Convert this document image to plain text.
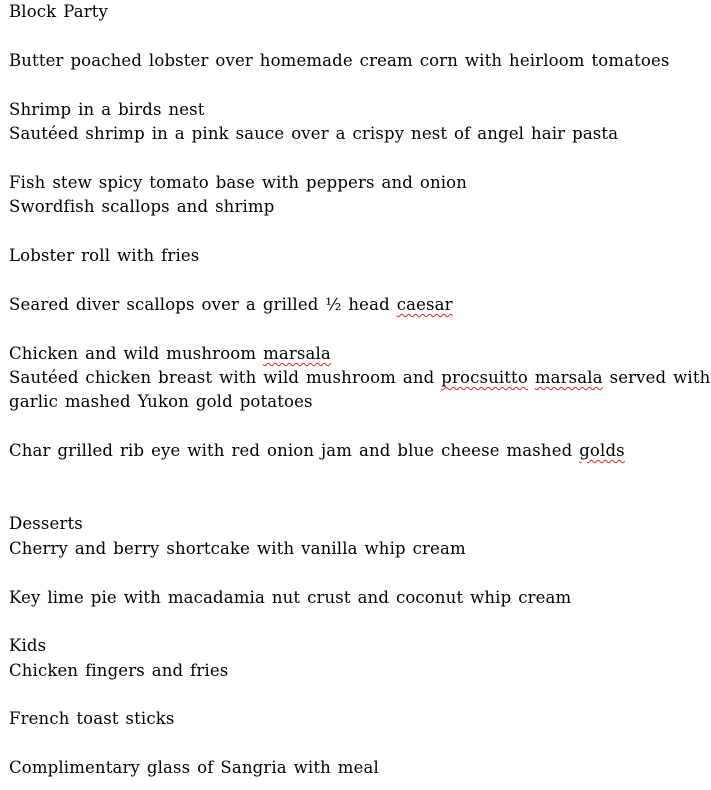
Block Party
Butter poached lobster over homemade cream corn with heirloom tomatoes
Shrimp in a birds nest
Sautéed shrimp in a pink sauce over a crispy nest of angel hair pasta
Fish stew spicy tomato base with peppers and onion
Swordfish scallops and shrimp
Lobster roll with fries
Seared diver scallops over a grilled ½ head caesar
Chicken and wild mushroom marsala
Sautéed chicken breast with wild mushroom and procsuitto marsala served with
garlic mashed Yukon gold potatoes
Char grilled rib eye with red onion jam and blue cheese mashed golds
Desserts
Cherry and berry shortcake with vanilla whip cream
Key lime pie with macadamia nut crust and coconut whip cream
Kids
Chicken fingers and fries
French toast sticks
Complimentary glass of Sangria with meal
